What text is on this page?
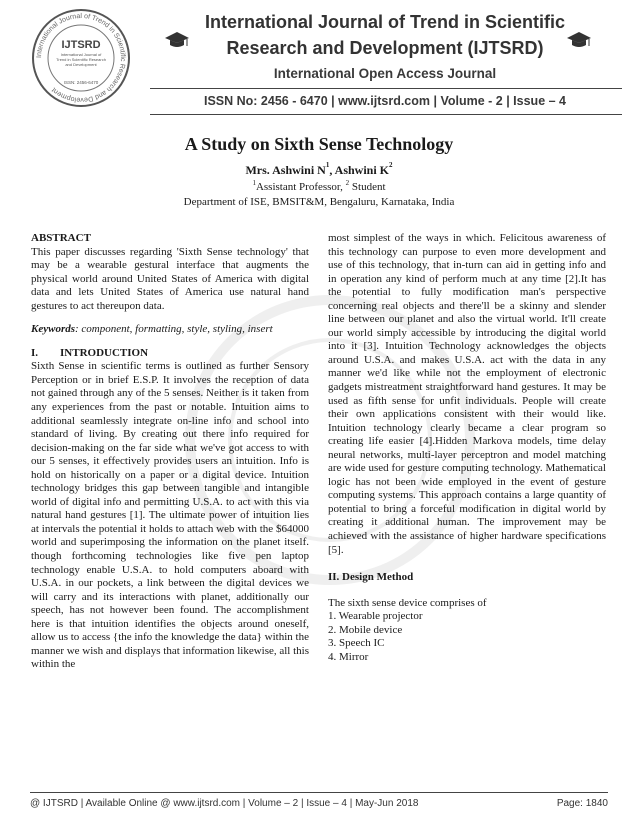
International Journal of Trend in Scientific Research and Development
IJTSRD
International Journal of Trend in Scientific Research and Development
ISSN: 2456-6470
International Journal of Trend in Scientific
Research and Development (IJTSRD)
International Open Access Journal
ISSN No: 2456 - 6470 | www.ijtsrd.com | Volume - 2 | Issue – 4
A Study on Sixth Sense Technology
Mrs. Ashwini $N^1$, Ashwini $K^2$
$^1$Assistant Professor, $^2$ Student
Department of ISE, BMSIT&M, Bengaluru, Karnataka, India

ABSTRACT

This paper discusses regarding 'Sixth Sense technology' that may be a wearable gestural interface that augments the physical world around United States of America with digital data and lets United States of America use natural hand gestures to act thereupon data.

Keywords: component, formatting, style, styling, insert

I.        INTRODUCTION

Sixth Sense in scientific terms is outlined as further Sensory Perception or in brief E.S.P. It involves the reception of data not gained through any of the 5 senses. Neither is it taken from any experiences from the past or notable. Intuition aims to additional seamlessly integrate on-line info and school into standard of living. By creating out there info required for decision-making on the far side what we've got access to with our 5 senses, it effectively provides users an intuition. Info is hold on historically on a paper or a digital device. Intuition technology bridges this gap between tangible and intangible world of digital info and permitting U.S.A. to act with this via natural hand gestures [1]. The ultimate power of intuition lies at intervals the potential it holds to attach web with the $64000 world and superimposing the information on the planet itself. though forthcoming technologies like five pen laptop technology enable U.S.A. to hold computers aboard with U.S.A. in our pockets, a link between the digital devices we will carry and its interactions with planet, additionally our speech, has not however been found. The accomplishment here is that intuition identifies the objects around oneself, allow us to access {the info the knowledge the data} within the manner we wish and displays that information likewise, all this within the

most simplest of the ways in which. Felicitous awareness of this technology can purpose to even more development and use of this technology, that in-turn can aid in getting info and in operation any kind of perform much at any time [2].It has the potential to fully modification man's perspective concerning real objects and there'll be a skinny and slender line between our planet and also the virtual world. It'll create our world simply accessible by introducing the digital world into it [3]. Intuition Technology acknowledges the objects around U.S.A. and makes U.S.A. act with the data in any manner we'd like while not the employment of electronic gadgets mistreatment straightforward hand gestures. It may be used as fifth sense for unfit individuals. People will create their own applications consistent with their would like. Intuition technology clearly became a clear program so creating life easier [4].Hidden Markova models, time delay neural networks, multi-layer perceptron and model matching are wide used for gesture computing technology. Mathematical logic has not been wide employed in the event of gesture computing systems. This approach contains a large quantity of potential to bring a forceful modification in digital world by creating it additional human. The improvement may be achieved with the assistance of higher hardware specifications [5].

II. Design Method

The sixth sense device comprises of

1. Wearable projector

2. Mobile device

3. Speech IC

4. Mirror

@ IJTSRD | Available Online @ www.ijtsrd.com | Volume – 2 | Issue – 4 | May-Jun 2018	Page: 1840
